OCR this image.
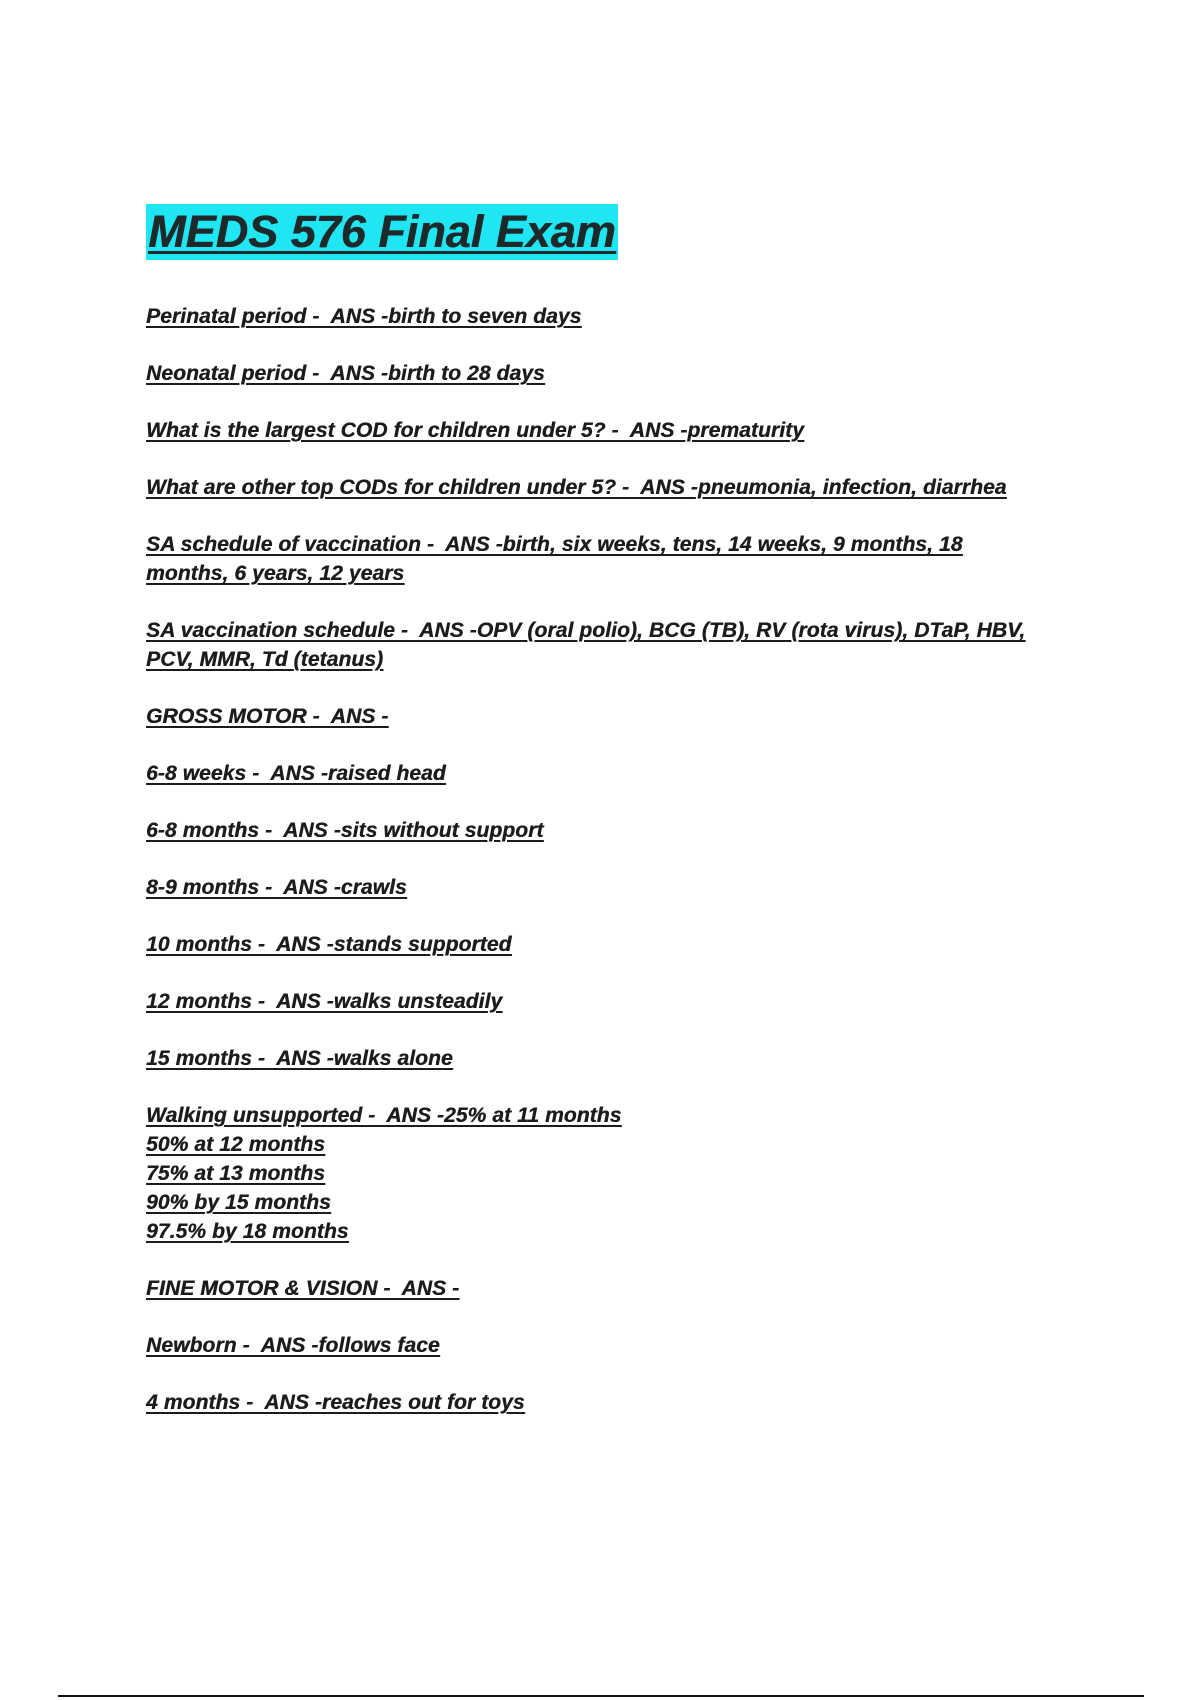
MEDS 576 Final Exam
Perinatal period -  ANS -birth to seven days
Neonatal period -  ANS -birth to 28 days
What is the largest COD for children under 5? -  ANS -prematurity
What are other top CODs for children under 5? -  ANS -pneumonia, infection, diarrhea
SA schedule of vaccination -  ANS -birth, six weeks, tens, 14 weeks, 9 months, 18
months, 6 years, 12 years
SA vaccination schedule -  ANS -OPV (oral polio), BCG (TB), RV (rota virus), DTaP, HBV,
PCV, MMR, Td (tetanus)
GROSS MOTOR -  ANS -
6-8 weeks -  ANS -raised head
6-8 months -  ANS -sits without support
8-9 months -  ANS -crawls
10 months -  ANS -stands supported
12 months -  ANS -walks unsteadily
15 months -  ANS -walks alone
Walking unsupported -  ANS -25% at 11 months
50% at 12 months
75% at 13 months
90% by 15 months
97.5% by 18 months
FINE MOTOR & VISION -  ANS -
Newborn -  ANS -follows face
4 months -  ANS -reaches out for toys
